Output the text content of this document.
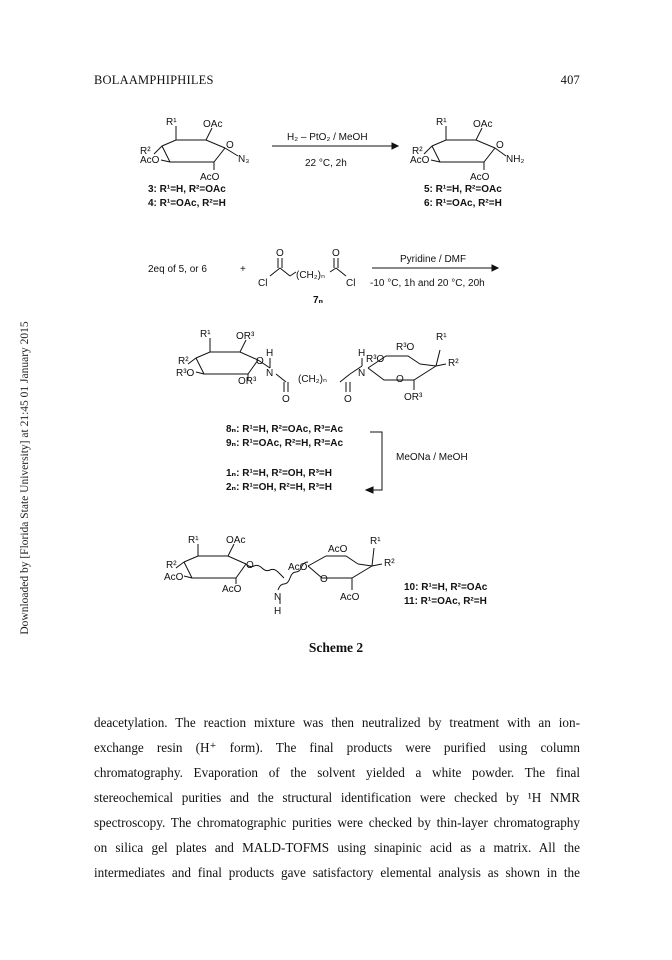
BOLAAMPHIPHILES	407
Downloaded by [Florida State University] at 21:45 01 January 2015
R¹
R²
OAc
AcO
AcO
N₃
O
3: R¹=H, R²=OAc
4: R¹=OAc, R²=H
H₂ – PtO₂ / MeOH
22 °C, 2h
R¹
R²
OAc
AcO
AcO
NH₂
O
5: R¹=H, R²=OAc
6: R¹=OAc, R²=H
2eq of 5, or 6	+
Cl
O
(CH₂)ₙ
O
Cl
7ₙ
Pyridine / DMF
-10 °C, 1h and 20 °C, 20h
R¹
R²
OR³
R³O
OR³
H
N
(CH₂)ₙ
O	O
H
N
R³O
R³O
R¹
R²
OR³
O
O
8ₙ: R¹=H, R²=OAc, R³=Ac
9ₙ: R¹=OAc, R²=H, R³=Ac
MeONa / MeOH
1ₙ: R¹=H, R²=OH, R³=H
2ₙ: R¹=OH, R²=H, R³=H
R¹
R²
OAc
AcO
AcO
N
H
AcO
AcO
R¹
R²
AcO
O
O
10: R¹=H, R²=OAc
11: R¹=OAc, R²=H
Scheme 2
deacetylation. The reaction mixture was then neutralized by treatment with an ion-
exchange resin (H⁺ form). The final products were purified using column
chromatography. Evaporation of the solvent yielded a white powder. The final
stereochemical purities and the structural identification were checked by ¹H NMR
spectroscopy. The chromatographic purities were checked by thin-layer chromatography
on silica gel plates and MALD-TOFMS using sinapinic acid as a matrix. All the
intermediates and final products gave satisfactory elemental analysis as shown in the
